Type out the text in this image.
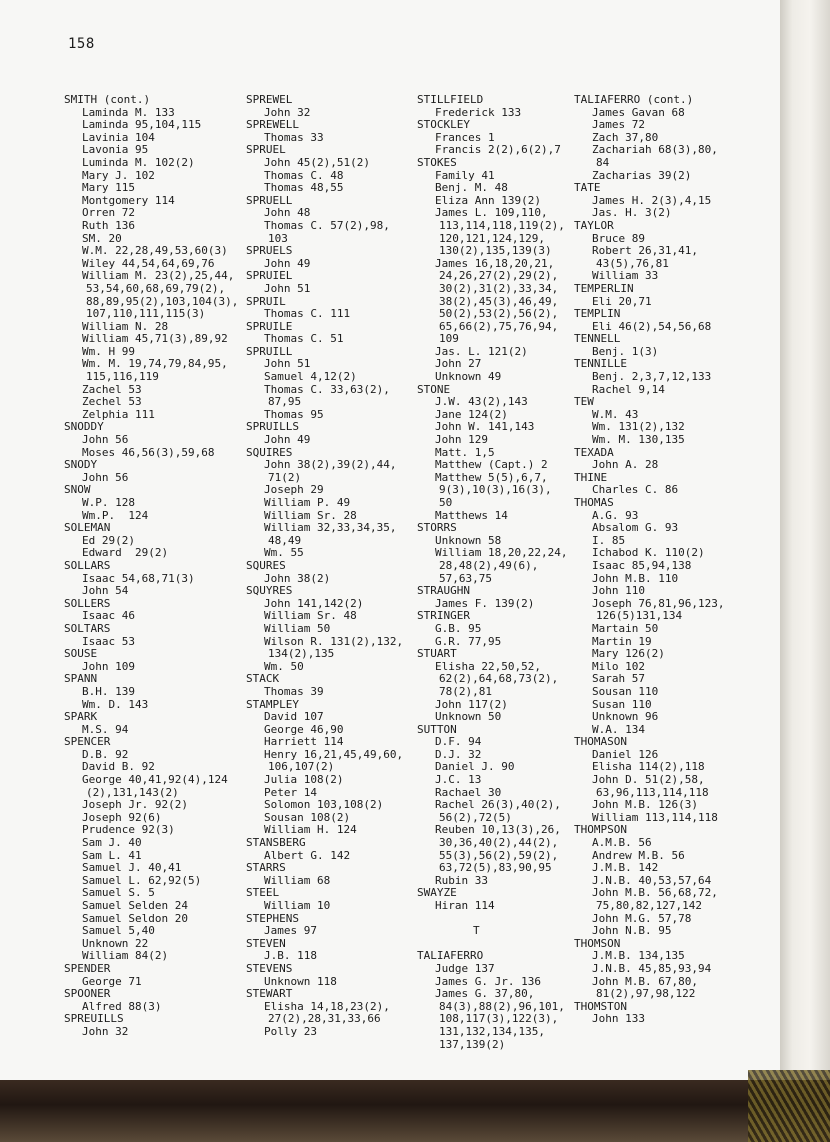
158
SMITH (cont.)
Laminda M. 133
Laminda 95,104,115
Lavinia 104
Lavonia 95
Luminda M. 102(2)
Mary J. 102
Mary 115
Montgomery 114
Orren 72
Ruth 136
SM. 20
W.M. 22,28,49,53,60(3)
Wiley 44,54,64,69,76
William M. 23(2),25,44,
53,54,60,68,69,79(2),
88,89,95(2),103,104(3),
107,110,111,115(3)
William N. 28
William 45,71(3),89,92
Wm. H 99
Wm. M. 19,74,79,84,95,
115,116,119
Zachel 53
Zechel 53
Zelphia 111
SNODDY
John 56
Moses 46,56(3),59,68
SNODY
John 56
SNOW
W.P. 128
Wm.P.  124
SOLEMAN
Ed 29(2)
Edward  29(2)
SOLLARS
Isaac 54,68,71(3)
John 54
SOLLERS
Isaac 46
SOLTARS
Isaac 53
SOUSE
John 109
SPANN
B.H. 139
Wm. D. 143
SPARK
M.S. 94
SPENCER
D.B. 92
David B. 92
George 40,41,92(4),124
(2),131,143(2)
Joseph Jr. 92(2)
Joseph 92(6)
Prudence 92(3)
Sam J. 40
Sam L. 41
Samuel J. 40,41
Samuel L. 62,92(5)
Samuel S. 5
Samuel Selden 24
Samuel Seldon 20
Samuel 5,40
Unknown 22
William 84(2)
SPENDER
George 71
SPOONER
Alfred 88(3)
SPREUILLS
John 32
SPREWEL
John 32
SPREWELL
Thomas 33
SPRUEL
John 45(2),51(2)
Thomas C. 48
Thomas 48,55
SPRUELL
John 48
Thomas C. 57(2),98,
103
SPRUELS
John 49
SPRUIEL
John 51
SPRUIL
Thomas C. 111
SPRUILE
Thomas C. 51
SPRUILL
John 51
Samuel 4,12(2)
Thomas C. 33,63(2),
87,95
Thomas 95
SPRUILLS
John 49
SQUIRES
John 38(2),39(2),44,
71(2)
Joseph 29
William P. 49
William Sr. 28
William 32,33,34,35,
48,49
Wm. 55
SQURES
John 38(2)
SQUYRES
John 141,142(2)
William Sr. 48
William 50
Wilson R. 131(2),132,
134(2),135
Wm. 50
STACK
Thomas 39
STAMPLEY
David 107
George 46,90
Harriett 114
Henry 16,21,45,49,60,
106,107(2)
Julia 108(2)
Peter 14
Solomon 103,108(2)
Sousan 108(2)
William H. 124
STANSBERG
Albert G. 142
STARRS
William 68
STEEL
William 10
STEPHENS
James 97
STEVEN
J.B. 118
STEVENS
Unknown 118
STEWART
Elisha 14,18,23(2),
27(2),28,31,33,66
Polly 23
STILLFIELD
Frederick 133
STOCKLEY
Frances 1
Francis 2(2),6(2),7
STOKES
Family 41
Benj. M. 48
Eliza Ann 139(2)
James L. 109,110,
113,114,118,119(2),
120,121,124,129,
130(2),135,139(3)
James 16,18,20,21,
24,26,27(2),29(2),
30(2),31(2),33,34,
38(2),45(3),46,49,
50(2),53(2),56(2),
65,66(2),75,76,94,
109
Jas. L. 121(2)
John 27
Unknown 49
STONE
J.W. 43(2),143
Jane 124(2)
John W. 141,143
John 129
Matt. 1,5
Matthew (Capt.) 2
Matthew 5(5),6,7,
9(3),10(3),16(3),
50
Matthews 14
STORRS
Unknown 58
William 18,20,22,24,
28,48(2),49(6),
57,63,75
STRAUGHN
James F. 139(2)
STRINGER
G.B. 95
G.R. 77,95
STUART
Elisha 22,50,52,
62(2),64,68,73(2),
78(2),81
John 117(2)
Unknown 50
SUTTON
D.F. 94
D.J. 32
Daniel J. 90
J.C. 13
Rachael 30
Rachel 26(3),40(2),
56(2),72(5)
Reuben 10,13(3),26,
30,36,40(2),44(2),
55(3),56(2),59(2),
63,72(5),83,90,95
Rubin 33
SWAYZE
Hiran 114
T
TALIAFERRO
Judge 137
James G. Jr. 136
James G. 37,80,
84(3),88(2),96,101,
108,117(3),122(3),
131,132,134,135,
137,139(2)
TALIAFERRO (cont.)
James Gavan 68
James 72
Zach 37,80
Zachariah 68(3),80,
84
Zacharias 39(2)
TATE
James H. 2(3),4,15
Jas. H. 3(2)
TAYLOR
Bruce 89
Robert 26,31,41,
43(5),76,81
William 33
TEMPERLIN
Eli 20,71
TEMPLIN
Eli 46(2),54,56,68
TENNELL
Benj. 1(3)
TENNILLE
Benj. 2,3,7,12,133
Rachel 9,14
TEW
W.M. 43
Wm. 131(2),132
Wm. M. 130,135
TEXADA
John A. 28
THINE
Charles C. 86
THOMAS
A.G. 93
Absalom G. 93
I. 85
Ichabod K. 110(2)
Isaac 85,94,138
John M.B. 110
John 110
Joseph 76,81,96,123,
126(5)131,134
Martain 50
Martin 19
Mary 126(2)
Milo 102
Sarah 57
Sousan 110
Susan 110
Unknown 96
W.A. 134
THOMASON
Daniel 126
Elisha 114(2),118
John D. 51(2),58,
63,96,113,114,118
John M.B. 126(3)
William 113,114,118
THOMPSON
A.M.B. 56
Andrew M.B. 56
J.M.B. 142
J.N.B. 40,53,57,64
John M.B. 56,68,72,
75,80,82,127,142
John M.G. 57,78
John N.B. 95
THOMSON
J.M.B. 134,135
J.N.B. 45,85,93,94
John M.B. 67,80,
81(2),97,98,122
THOMSTON
John 133
